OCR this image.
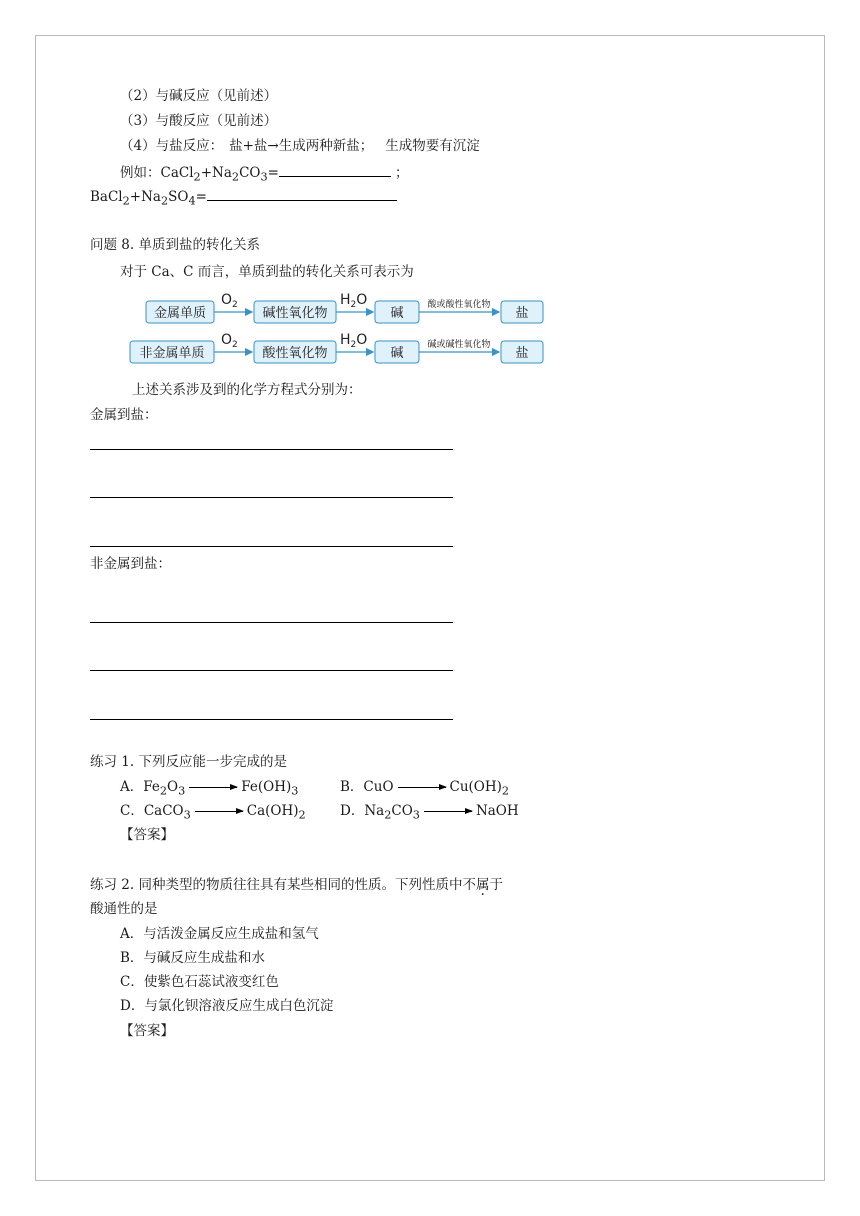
（2）与碱反应（见前述）
（3）与酸反应（见前述）
（4）与盐反应： 盐+盐→生成两种新盐； 生成物要有沉淀
例如：$CaCl_2+Na_2CO_3=$	；
$BaCl_2+Na_2SO_4=$
问题 8. 单质到盐的转化关系
对于 Ca、C 而言，单质到盐的转化关系可表示为
金属单质
$O_2$
碱性氧化物
$H_2O$
碱
酸或酸性氧化物
盐
非金属单质
$O_2$
酸性氧化物
$H_2O$
碱
碱或碱性氧化物
盐
上述关系涉及到的化学方程式分别为：
金属到盐：
非金属到盐：
练习 1. 下列反应能一步完成的是
A．$Fe_2O_3 \to Fe(OH)_3$	B．CuO → $Cu(OH)_2$
C．CaCO$_3$ → $Ca(OH)_2$	D．$Na_2CO_3$ → NaOH
【答案】
练习 2. 同种类型的物质往往具有某些相同的性质。下列性质中不属于
酸通性的是
A．与活泼金属反应生成盐和氢气
B．与碱反应生成盐和水
C．使紫色石蕊试液变红色
D．与氯化钡溶液反应生成白色沉淀
【答案】
